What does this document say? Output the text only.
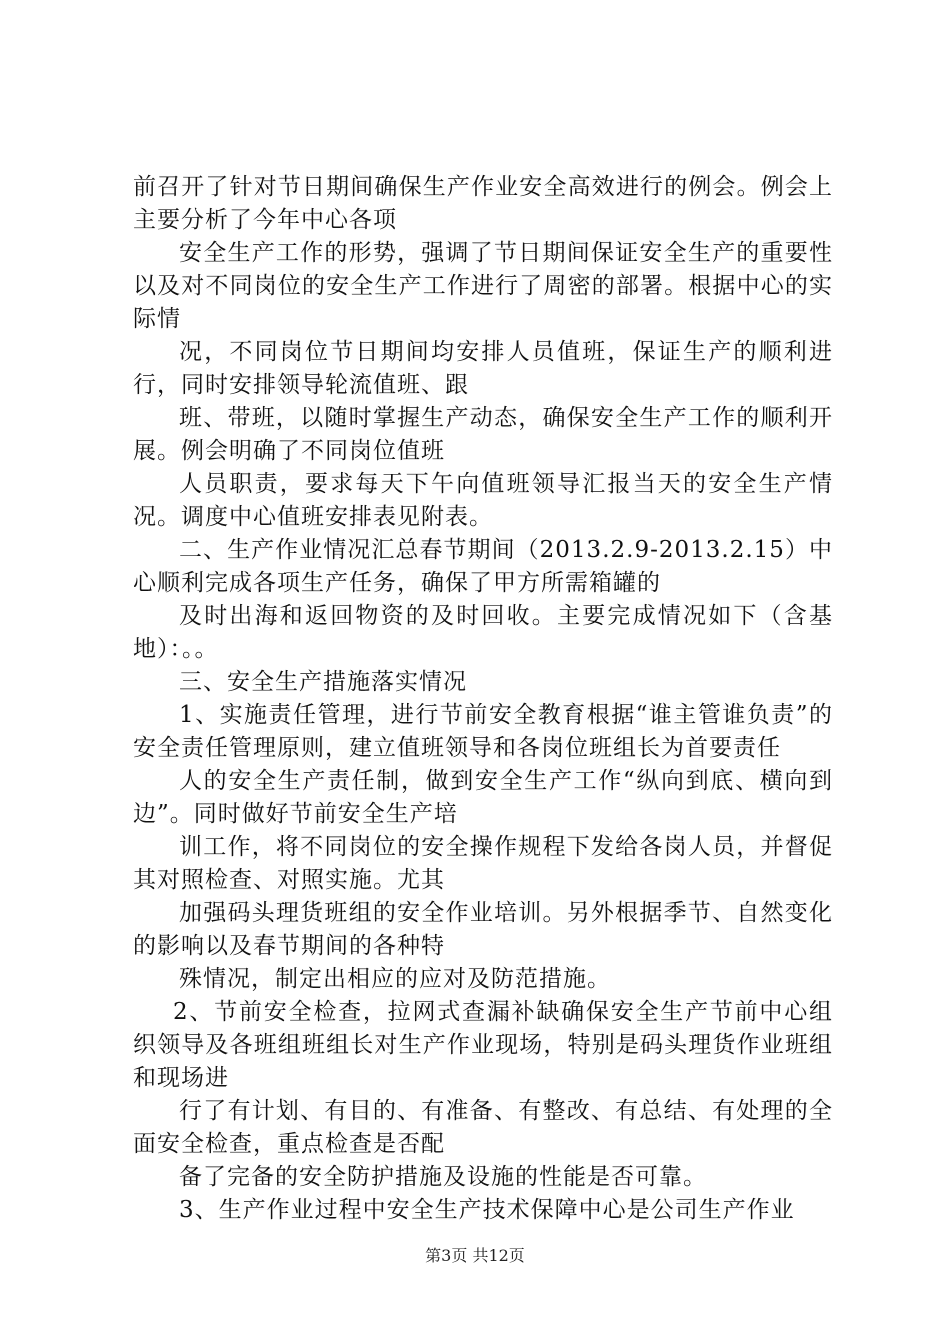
前召开了针对节日期间确保生产作业安全高效进行的例会。例会上主要分析了今年中心各项

安全生产工作的形势，强调了节日期间保证安全生产的重要性以及对不同岗位的安全生产工作进行了周密的部署。根据中心的实际情

况，不同岗位节日期间均安排人员值班，保证生产的顺利进行，同时安排领导轮流值班、跟

班、带班，以随时掌握生产动态，确保安全生产工作的顺利开展。例会明确了不同岗位值班

人员职责，要求每天下午向值班领导汇报当天的安全生产情况。调度中心值班安排表见附表。

二、生产作业情况汇总春节期间（2013.2.9-2013.2.15）中心顺利完成各项生产任务，确保了甲方所需箱罐的

及时出海和返回物资的及时回收。主要完成情况如下（含基地）：。。

三、安全生产措施落实情况

1、实施责任管理，进行节前安全教育根据“谁主管谁负责”的安全责任管理原则，建立值班领导和各岗位班组长为首要责任

人的安全生产责任制，做到安全生产工作“纵向到底、横向到边”。同时做好节前安全生产培

训工作，将不同岗位的安全操作规程下发给各岗人员，并督促其对照检查、对照实施。尤其

加强码头理货班组的安全作业培训。另外根据季节、自然变化的影响以及春节期间的各种特

殊情况，制定出相应的应对及防范措施。

2、节前安全检查，拉网式查漏补缺确保安全生产节前中心组织领导及各班组班组长对生产作业现场，特别是码头理货作业班组和现场进

行了有计划、有目的、有准备、有整改、有总结、有处理的全面安全检查，重点检查是否配

备了完备的安全防护措施及设施的性能是否可靠。

3、生产作业过程中安全生产技术保障中心是公司生产作业

第3页 共12页
